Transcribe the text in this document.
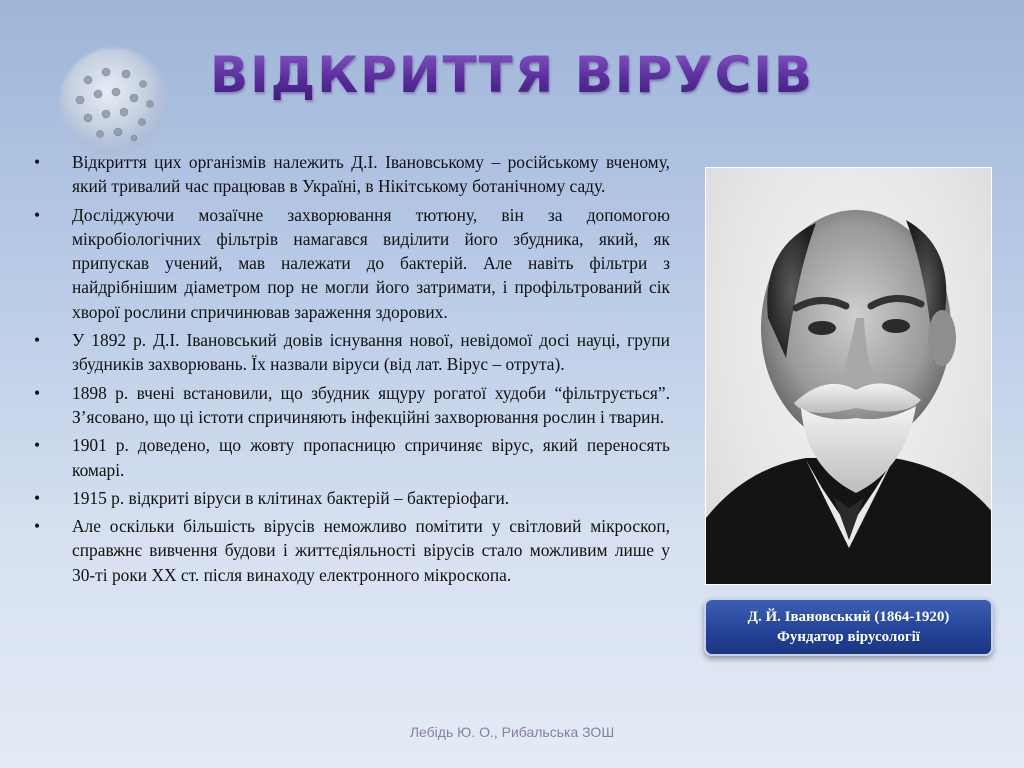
ВІДКРИТТЯ ВІРУСІВ
• Відкриття цих організмів належить Д.І. Івановському – російському вченому, який тривалий час працював в Україні, в Нікітському ботанічному саду.
• Досліджуючи мозаїчне захворювання тютюну, він за допомогою мікробіологічних фільтрів намагався виділити його збудника, який, як припускав учений, мав належати до бактерій. Але навіть фільтри з найдрібнішим діаметром пор не могли його затримати, і профільтрований сік хворої рослини спричинював зараження здорових.
• У 1892 р. Д.І. Івановський довів існування нової, невідомої досі науці, групи збудників захворювань. Їх назвали віруси (від лат. Вірус – отрута).
• 1898 р. вчені встановили, що збудник ящуру рогатої худоби “фільтрується”. З’ясовано, що ці істоти спричиняють інфекційні захворювання рослин і тварин.
• 1901 р. доведено, що жовту пропасницю спричиняє вірус, який переносять комарі.
• 1915 р. відкриті віруси в клітинах бактерій – бактеріофаги.
• Але оскільки більшість вірусів неможливо помітити у світловий мікроскоп, справжнє вивчення будови і життєдіяльності вірусів стало можливим лише у 30-ті роки XX ст. після винаходу електронного мікроскопа.
Д. Й. Івановський (1864-1920)
Фундатор вірусології
Лебідь Ю. О., Рибальська ЗОШ
